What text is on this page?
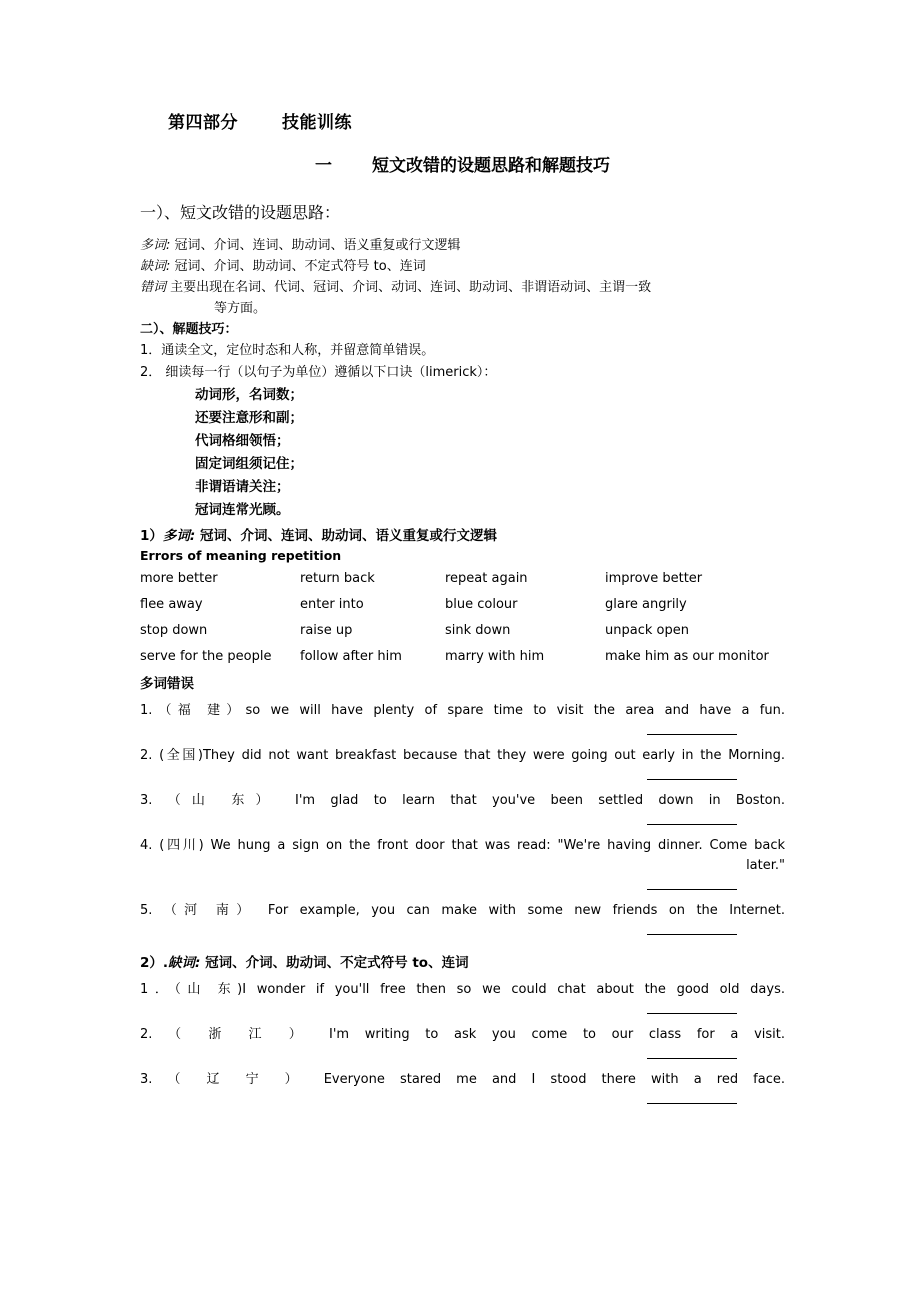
第四部分	技能训练
一 短文改错的设题思路和解题技巧
一）、短文改错的设题思路：
多词: 冠词、介词、连词、助动词、语义重复或行文逻辑
缺词: 冠词、介词、助动词、不定式符号 to、连词
错词 主要出现在名词、代词、冠词、介词、动词、连词、助动词、非谓语动词、主谓一致
等方面。
二）、解题技巧：
1．通读全文，定位时态和人称，并留意简单错误。
2． 细读每一行（以句子为单位）遵循以下口诀（limerick）：
动词形，名词数；
还要注意形和副；
代词格细领悟；
固定词组须记住；
非谓语请关注；
冠词连常光顾。
1）多词: 冠词、介词、连词、助动词、语义重复或行文逻辑
Errors of meaning repetition
more better	return back	repeat again	improve better
flee away	enter into	blue colour	glare angrily
stop down	raise up	sink down	unpack open
serve for the people	follow after him	marry with him	make him as our monitor
多词错误
1.（福 建）so we will have plenty of spare time to visit the area and have a fun.
2. (全国)They did not want breakfast because that they were going out early in the Morning.
3. （山 东） I'm glad to learn that you've been settled down in Boston.
4. (四川) We hung a sign on the front door that was read: "We're having dinner. Come back
later."
5. （河 南） For example, you can make with some new friends on the Internet.
2）.缺词: 冠词、介词、助动词、不定式符号 to、连词
1．（山 东)I wonder if you'll free then so we could chat about the good old days.
2. （ 浙 江 ） I'm writing to ask you come to our class for a visit.
3. （ 辽 宁 ） Everyone stared me and I stood there with a red face.
